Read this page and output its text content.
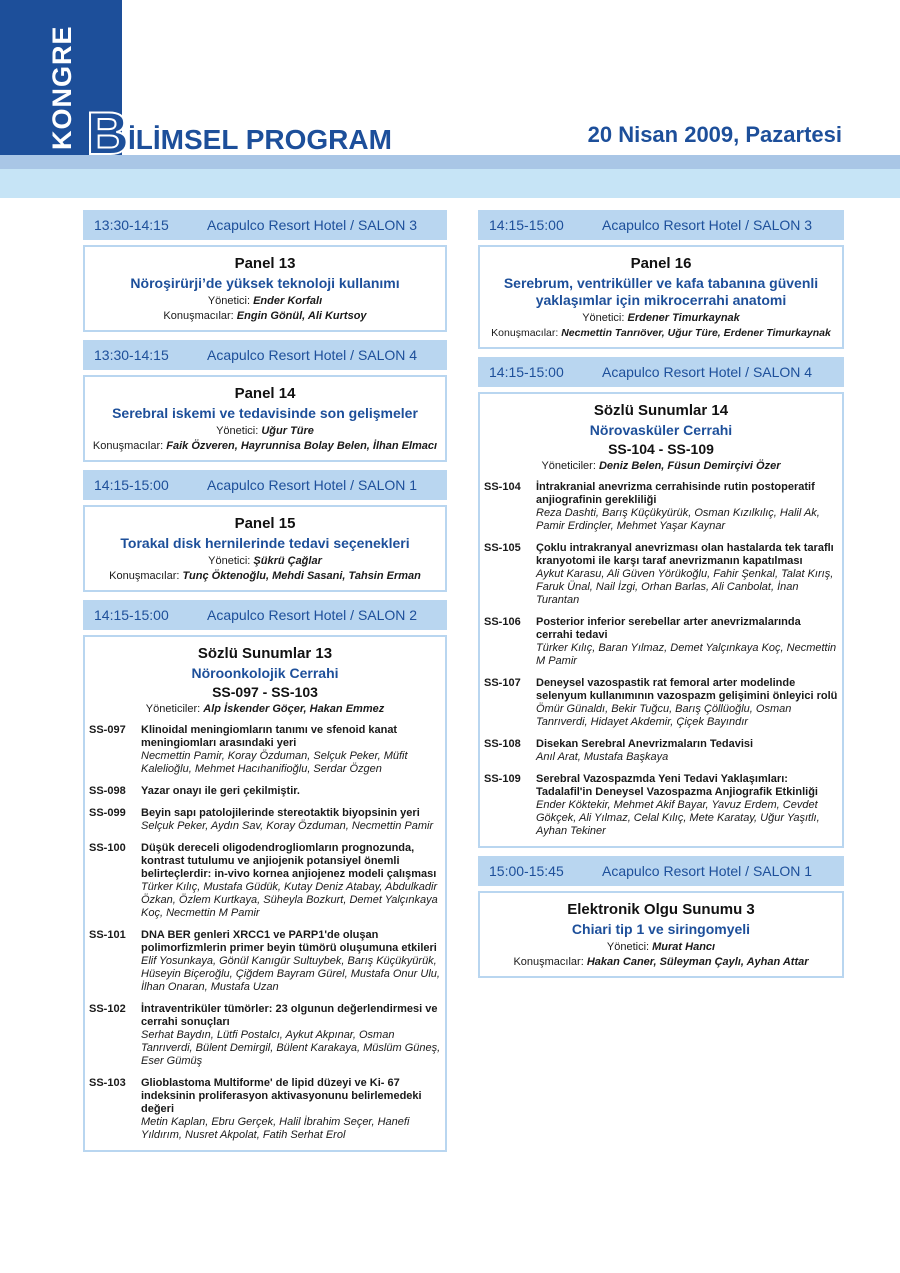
KONGRE B
İLİMSEL PROGRAM	20 Nisan 2009, Pazartesi
13:30-14:15	Acapulco Resort Hotel / SALON 3
Panel 13
Nöroşirürji’de yüksek teknoloji kullanımı
Yönetici: Ender Korfalı
Konuşmacılar: Engin Gönül, Ali Kurtsoy
13:30-14:15	Acapulco Resort Hotel / SALON 4
Panel 14
Serebral iskemi ve tedavisinde son gelişmeler
Yönetici: Uğur Türe
Konuşmacılar: Faik Özveren, Hayrunnisa Bolay Belen, İlhan Elmacı
14:15-15:00	Acapulco Resort Hotel / SALON 1
Panel 15
Torakal disk hernilerinde tedavi seçenekleri
Yönetici: Şükrü Çağlar
Konuşmacılar: Tunç Öktenoğlu, Mehdi Sasani, Tahsin Erman
14:15-15:00	Acapulco Resort Hotel / SALON 2
Sözlü Sunumlar 13
Nöroonkolojik Cerrahi
SS-097 - SS-103
Yöneticiler: Alp İskender Göçer, Hakan Emmez
SS-097	Klinoidal meningiomların tanımı ve sfenoid kanat meningiomları arasındaki yeri
Necmettin Pamir, Koray Özduman, Selçuk Peker, Müfit Kalelioğlu, Mehmet Hacıhanifioğlu, Serdar Özgen
SS-098	Yazar onayı ile geri çekilmiştir.
SS-099	Beyin sapı patolojilerinde stereotaktik biyopsinin yeri
Selçuk Peker, Aydın Sav, Koray Özduman, Necmettin Pamir
SS-100	Düşük dereceli oligodendrogliomların prognozunda, kontrast tutulumu ve anjiojenik potansiyel önemli belirteçlerdir: in-vivo kornea anjiojenez modeli çalışması
Türker Kılıç, Mustafa Güdük, Kutay Deniz Atabay, Abdulkadir Özkan, Özlem Kurtkaya, Süheyla Bozkurt, Demet Yalçınkaya Koç, Necmettin M Pamir
SS-101	DNA BER genleri XRCC1 ve PARP1'de oluşan polimorfizmlerin primer beyin tümörü oluşumuna etkileri
Elif Yosunkaya, Gönül Kanıgür Sultuybek, Barış Küçükyürük, Hüseyin Biçeroğlu, Çiğdem Bayram Gürel, Mustafa Onur Ulu, İlhan Onaran, Mustafa Uzan
SS-102	İntraventriküler tümörler: 23 olgunun değerlendirmesi ve cerrahi sonuçları
Serhat Baydın, Lütfi Postalcı, Aykut Akpınar, Osman Tanrıverdi, Bülent Demirgil, Bülent Karakaya, Müslüm Güneş, Eser Gümüş
SS-103	Glioblastoma Multiforme' de lipid düzeyi ve Ki- 67 indeksinin proliferasyon aktivasyonunu belirlemedeki değeri
Metin Kaplan, Ebru Gerçek, Halil İbrahim Seçer, Hanefi Yıldırım, Nusret Akpolat, Fatih Serhat Erol
14:15-15:00	Acapulco Resort Hotel / SALON 3
Panel 16
Serebrum, ventriküller ve kafa tabanına güvenli yaklaşımlar için mikrocerrahi anatomi
Yönetici: Erdener Timurkaynak
Konuşmacılar: Necmettin Tanrıöver, Uğur Türe, Erdener Timurkaynak
14:15-15:00	Acapulco Resort Hotel / SALON 4
Sözlü Sunumlar 14
Nörovasküler Cerrahi
SS-104 - SS-109
Yöneticiler: Deniz Belen, Füsun Demirçivi Özer
SS-104	İntrakranial anevrizma cerrahisinde rutin postoperatif anjiografinin gerekliliği
Reza Dashti, Barış Küçükyürük, Osman Kızılkılıç, Halil Ak, Pamir Erdinçler, Mehmet Yaşar Kaynar
SS-105	Çoklu intrakranyal anevrizması olan hastalarda tek taraflı kranyotomi ile karşı taraf anevrizmanın kapatılması
Aykut Karasu, Ali Güven Yörükoğlu, Fahir Şenkal, Talat Kırış, Faruk Ünal, Nail İzgi, Orhan Barlas, Ali Canbolat, İnan Turantan
SS-106	Posterior inferior serebellar arter anevrizmalarında cerrahi tedavi
Türker Kılıç, Baran Yılmaz, Demet Yalçınkaya Koç, Necmettin M Pamir
SS-107	Deneysel vazospastik rat femoral arter modelinde selenyum kullanımının vazospazm gelişimini önleyici rolü
Ömür Günaldı, Bekir Tuğcu, Barış Çöllüoğlu, Osman Tanrıverdi, Hidayet Akdemir, Çiçek Bayındır
SS-108	Disekan Serebral Anevrizmaların Tedavisi
Anıl Arat, Mustafa Başkaya
SS-109	Serebral Vazospazmda Yeni Tedavi Yaklaşımları: Tadalafil'in Deneysel Vazospazma Anjiografik Etkinliği
Ender Köktekir, Mehmet Akif Bayar, Yavuz Erdem, Cevdet Gökçek, Ali Yılmaz, Celal Kılıç, Mete Karatay, Uğur Yaşıtlı, Ayhan Tekiner
15:00-15:45	Acapulco Resort Hotel / SALON 1
Elektronik Olgu Sunumu 3
Chiari tip 1 ve siringomyeli
Yönetici: Murat Hancı
Konuşmacılar: Hakan Caner, Süleyman Çaylı, Ayhan Attar
